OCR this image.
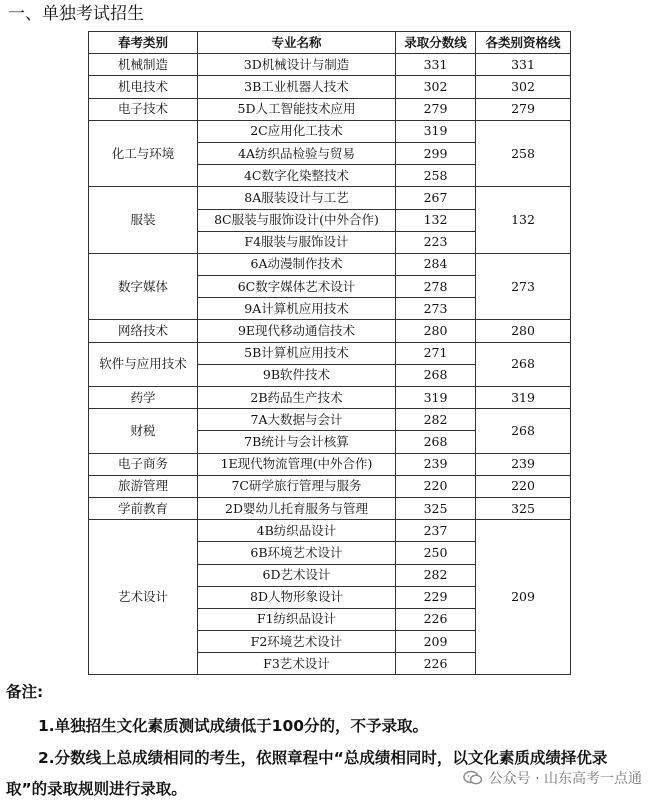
一、单独考试招生
春考类别	专业名称	录取分数线	各类别资格线
机械制造	3D机械设计与制造	331	331
机电技术	3B工业机器人技术	302	302
电子技术	5D人工智能技术应用	279	279
化工与环境	2C应用化工技术	319	258
	4A纺织品检验与贸易	299	
	4C数字化染整技术	258	
服装	8A服装设计与工艺	267	132
	8C服装与服饰设计(中外合作)	132	
	F4服装与服饰设计	223	
数字媒体	6A动漫制作技术	284	273
	6C数字媒体艺术设计	278	
	9A计算机应用技术	273	
网络技术	9E现代移动通信技术	280	280
软件与应用技术	5B计算机应用技术	271	268
	9B软件技术	268	
药学	2B药品生产技术	319	319
财税	7A大数据与会计	282	268
	7B统计与会计核算	268	
电子商务	1E现代物流管理(中外合作)	239	239
旅游管理	7C研学旅行管理与服务	220	220
学前教育	2D婴幼儿托育服务与管理	325	325
艺术设计	4B纺织品设计	237	209
	6B环境艺术设计	250	
	6D艺术设计	282	
	8D人物形象设计	229	
	F1纺织品设计	226	
	F2环境艺术设计	209	
	F3艺术设计	226	
备注:
1.单独招生文化素质测试成绩低于100分的，不予录取。
2.分数线上总成绩相同的考生，依照章程中“总成绩相同时，以文化素质成绩择优录
取”的录取规则进行录取。
公众号 · 山东高考一点通
